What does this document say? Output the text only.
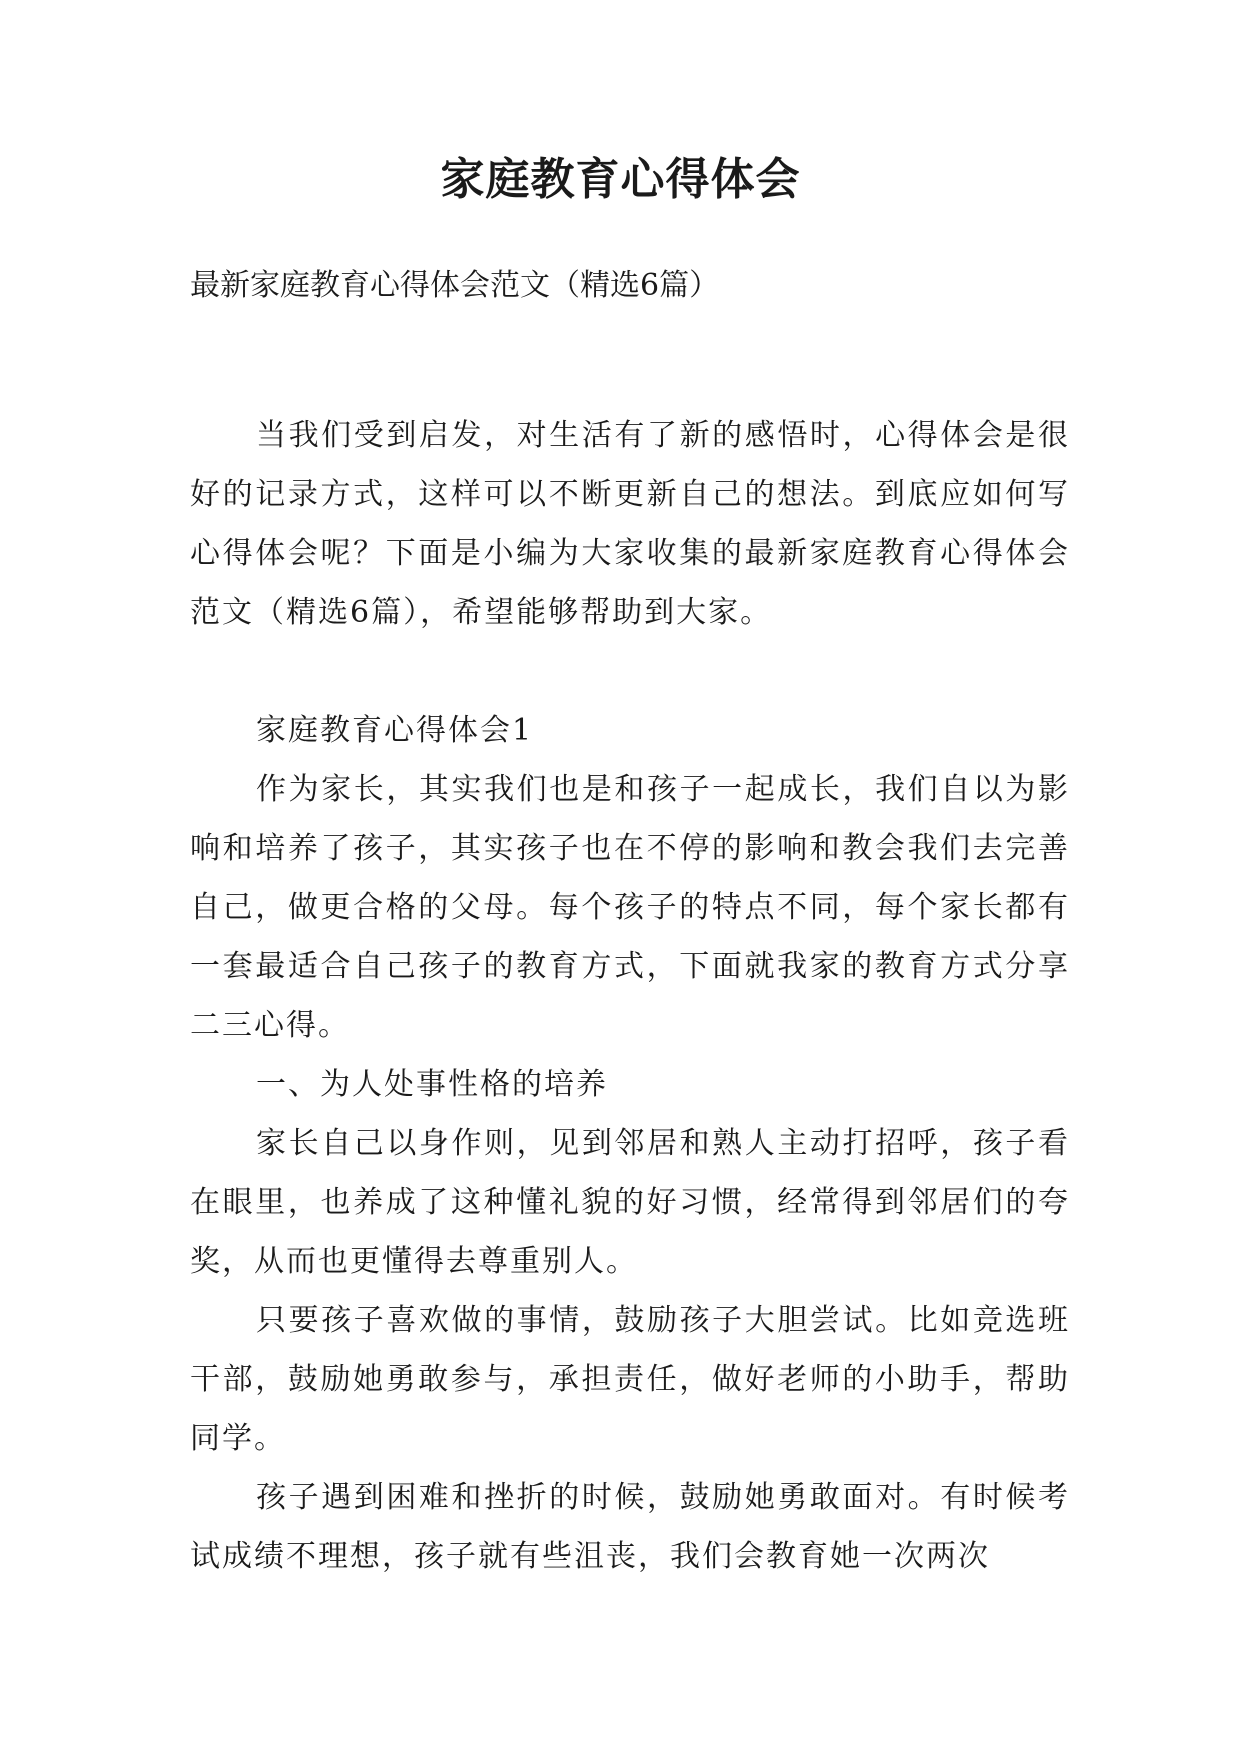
家庭教育心得体会

最新家庭教育心得体会范文（精选6篇）

当我们受到启发，对生活有了新的感悟时，心得体会是很好的记录方式，这样可以不断更新自己的想法。到底应如何写心得体会呢？下面是小编为大家收集的最新家庭教育心得体会范文（精选6篇），希望能够帮助到大家。

家庭教育心得体会1

作为家长，其实我们也是和孩子一起成长，我们自以为影响和培养了孩子，其实孩子也在不停的影响和教会我们去完善自己，做更合格的父母。每个孩子的特点不同，每个家长都有一套最适合自己孩子的教育方式，下面就我家的教育方式分享二三心得。

一、为人处事性格的培养

家长自己以身作则，见到邻居和熟人主动打招呼，孩子看在眼里，也养成了这种懂礼貌的好习惯，经常得到邻居们的夸奖，从而也更懂得去尊重别人。

只要孩子喜欢做的事情，鼓励孩子大胆尝试。比如竞选班干部，鼓励她勇敢参与，承担责任，做好老师的小助手，帮助同学。

孩子遇到困难和挫折的时候，鼓励她勇敢面对。有时候考试成绩不理想，孩子就有些沮丧，我们会教育她一次两次
